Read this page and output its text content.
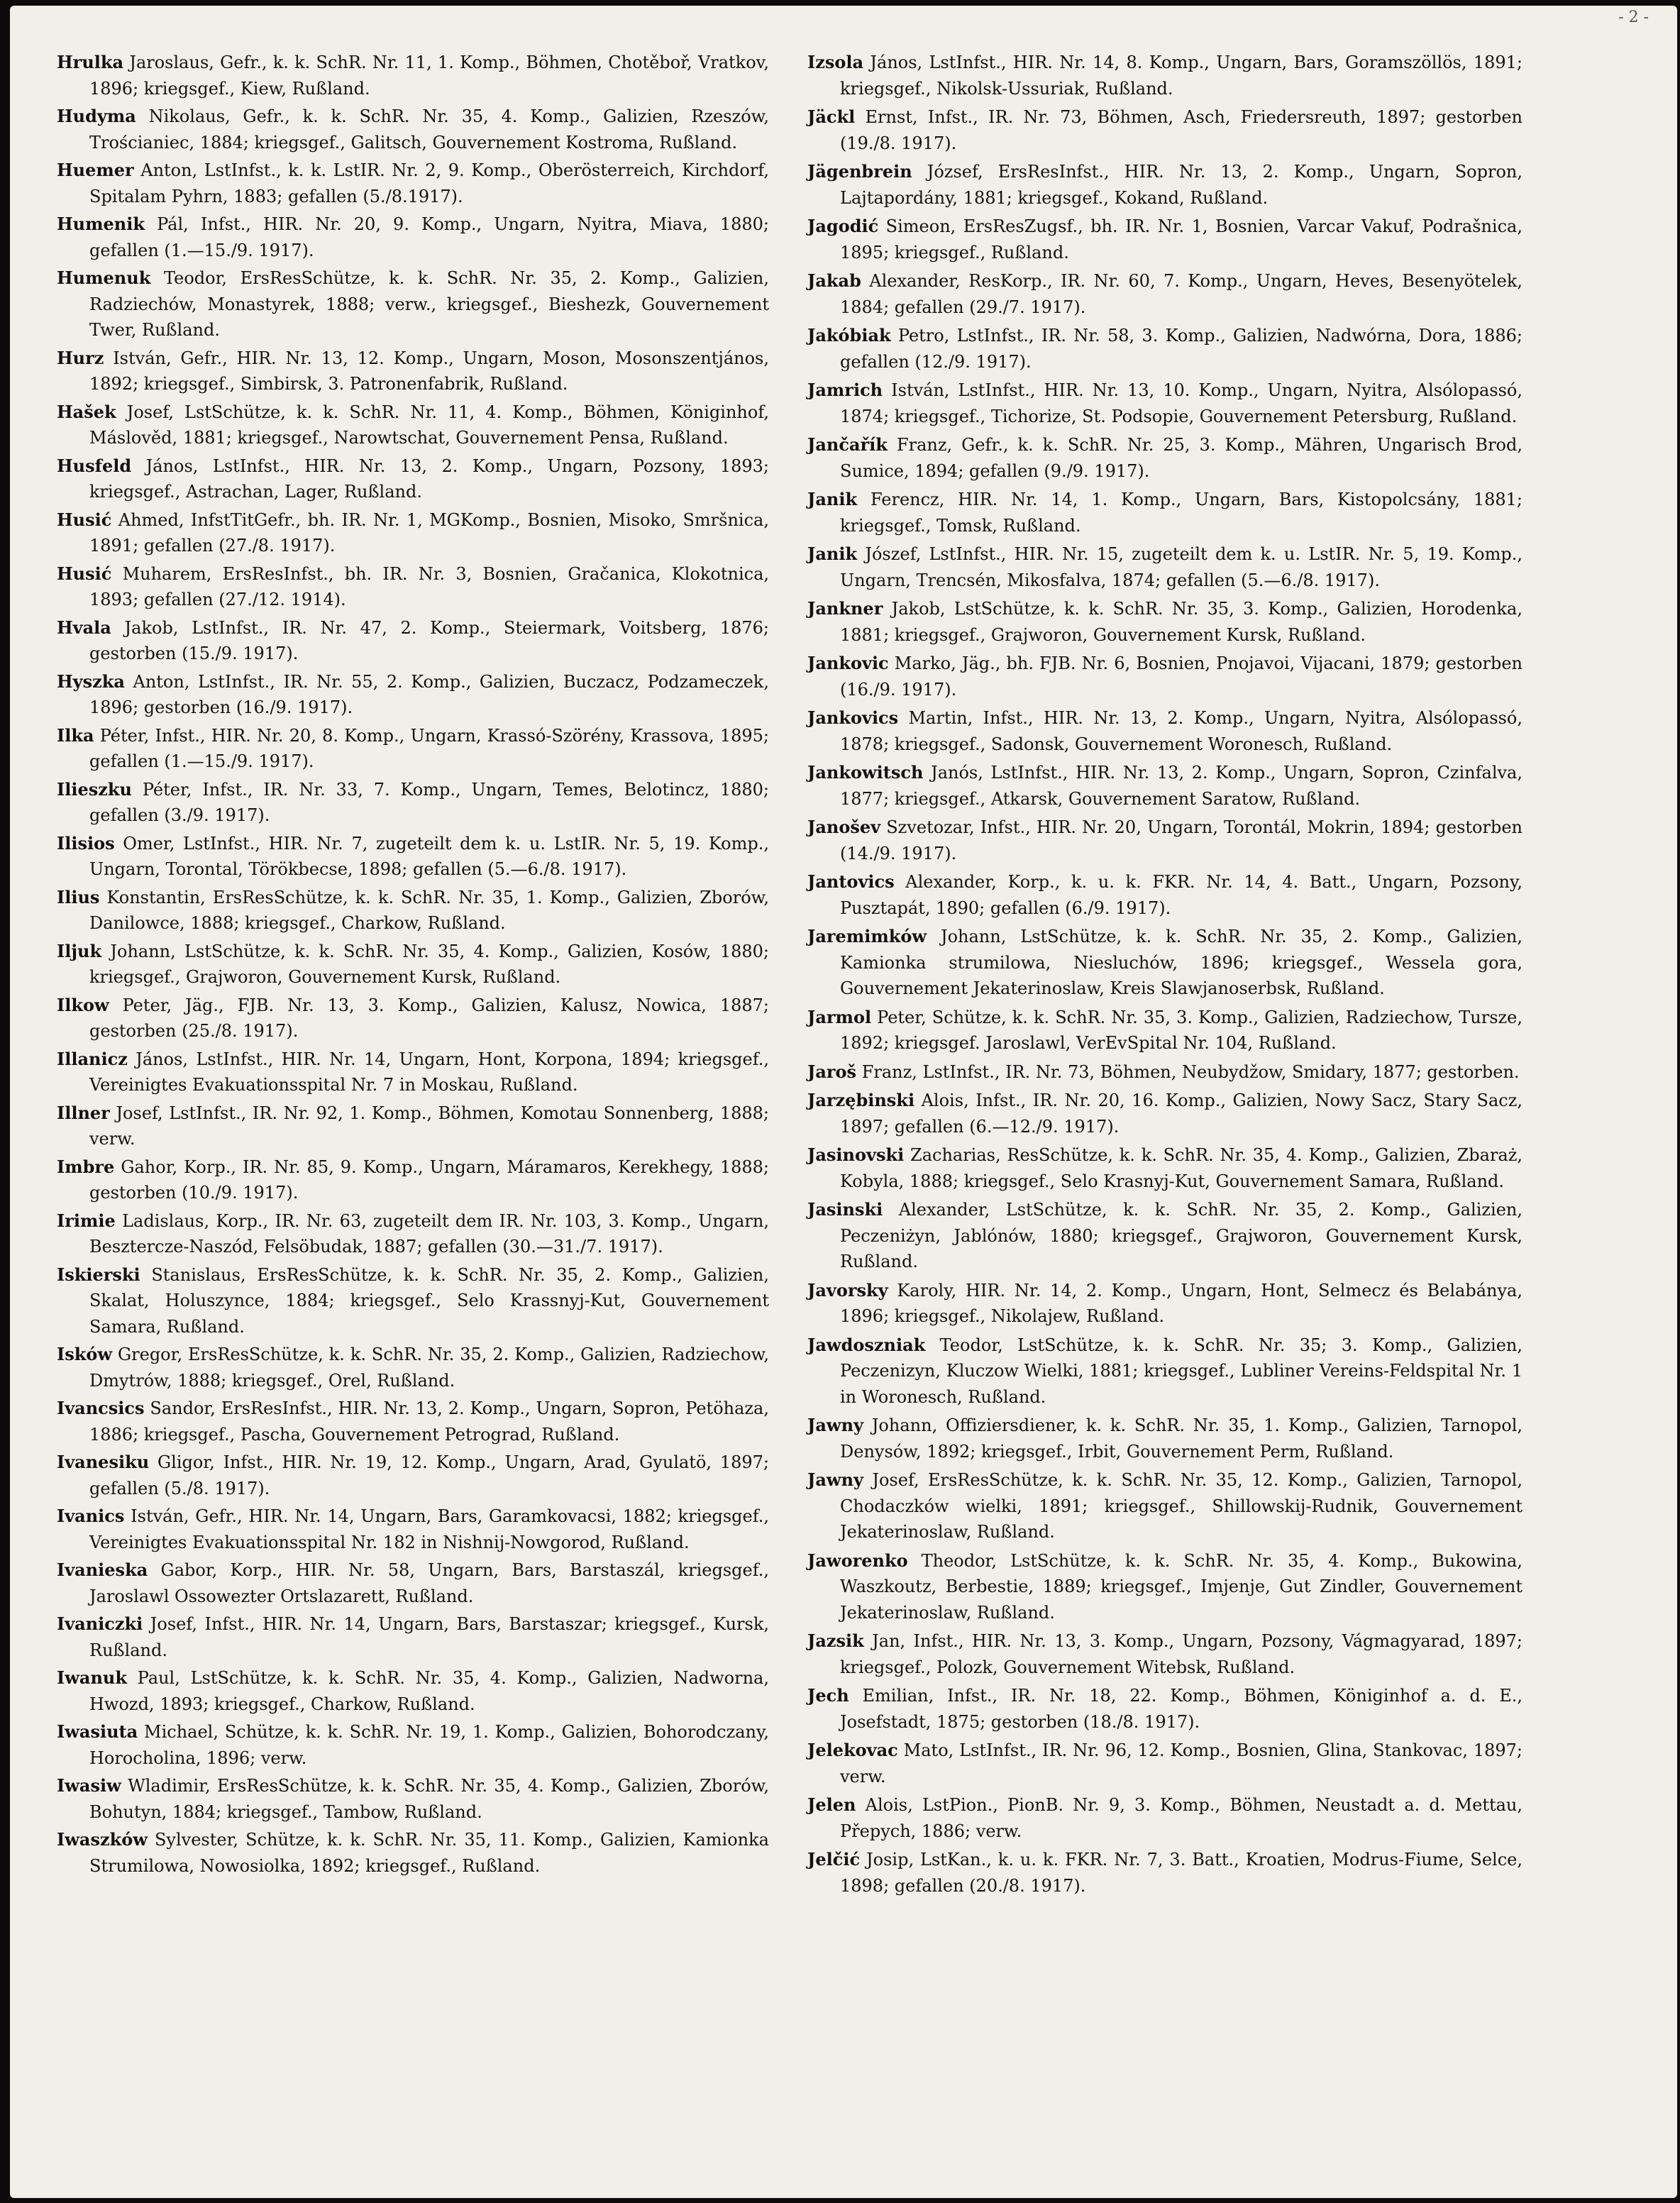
- 2 -
Hrulka Jaroslaus, Gefr., k. k. SchR. Nr. 11, 1. Komp., Böhmen, Chotěboř, Vratkov, 1896; kriegsgef., Kiew, Rußland.
Hudyma Nikolaus, Gefr., k. k. SchR. Nr. 35, 4. Komp., Galizien, Rzeszów, Trościaniec, 1884; kriegsgef., Galitsch, Gouvernement Kostroma, Rußland.
Huemer Anton, LstInfst., k. k. LstIR. Nr. 2, 9. Komp., Oberösterreich, Kirchdorf, Spitalam Pyhrn, 1883; gefallen (5./8.1917).
Humenik Pál, Infst., HIR. Nr. 20, 9. Komp., Ungarn, Nyitra, Miava, 1880; gefallen (1.—15./9. 1917).
Humenuk Teodor, ErsResSchütze, k. k. SchR. Nr. 35, 2. Komp., Galizien, Radziechów, Monastyrek, 1888; verw., kriegsgef., Bieshezk, Gouvernement Twer, Rußland.
Hurz István, Gefr., HIR. Nr. 13, 12. Komp., Ungarn, Moson, Mosonszentjános, 1892; kriegsgef., Simbirsk, 3. Patronenfabrik, Rußland.
Hašek Josef, LstSchütze, k. k. SchR. Nr. 11, 4. Komp., Böhmen, Königinhof, Máslověd, 1881; kriegsgef., Narowtschat, Gouvernement Pensa, Rußland.
Husfeld János, LstInfst., HIR. Nr. 13, 2. Komp., Ungarn, Pozsony, 1893; kriegsgef., Astrachan, Lager, Rußland.
Husić Ahmed, InfstTitGefr., bh. IR. Nr. 1, MGKomp., Bosnien, Misoko, Smršnica, 1891; gefallen (27./8. 1917).
Husić Muharem, ErsResInfst., bh. IR. Nr. 3, Bosnien, Gračanica, Klokotnica, 1893; gefallen (27./12. 1914).
Hvala Jakob, LstInfst., IR. Nr. 47, 2. Komp., Steiermark, Voitsberg, 1876; gestorben (15./9. 1917).
Hyszka Anton, LstInfst., IR. Nr. 55, 2. Komp., Galizien, Buczacz, Podzameczek, 1896; gestorben (16./9. 1917).
Ilka Péter, Infst., HIR. Nr. 20, 8. Komp., Ungarn, Krassó-Szörény, Krassova, 1895; gefallen (1.—15./9. 1917).
Ilieszku Péter, Infst., IR. Nr. 33, 7. Komp., Ungarn, Temes, Belotincz, 1880; gefallen (3./9. 1917).
Ilisios Omer, LstInfst., HIR. Nr. 7, zugeteilt dem k. u. LstIR. Nr. 5, 19. Komp., Ungarn, Torontal, Törökbecse, 1898; gefallen (5.—6./8. 1917).
Ilius Konstantin, ErsResSchütze, k. k. SchR. Nr. 35, 1. Komp., Galizien, Zborów, Danilowce, 1888; kriegsgef., Charkow, Rußland.
Iljuk Johann, LstSchütze, k. k. SchR. Nr. 35, 4. Komp., Galizien, Kosów, 1880; kriegsgef., Grajworon, Gouvernement Kursk, Rußland.
Ilkow Peter, Jäg., FJB. Nr. 13, 3. Komp., Galizien, Kalusz, Nowica, 1887; gestorben (25./8. 1917).
Illanicz János, LstInfst., HIR. Nr. 14, Ungarn, Hont, Korpona, 1894; kriegsgef., Vereinigtes Evakuationsspital Nr. 7 in Moskau, Rußland.
Illner Josef, LstInfst., IR. Nr. 92, 1. Komp., Böhmen, Komotau Sonnenberg, 1888; verw.
Imbre Gahor, Korp., IR. Nr. 85, 9. Komp., Ungarn, Máramaros, Kerekhegy, 1888; gestorben (10./9. 1917).
Irimie Ladislaus, Korp., IR. Nr. 63, zugeteilt dem IR. Nr. 103, 3. Komp., Ungarn, Besztercze-Naszód, Felsöbudak, 1887; gefallen (30.—31./7. 1917).
Iskierski Stanislaus, ErsResSchütze, k. k. SchR. Nr. 35, 2. Komp., Galizien, Skalat, Holuszynce, 1884; kriegsgef., Selo Krassnyj-Kut, Gouvernement Samara, Rußland.
Isków Gregor, ErsResSchütze, k. k. SchR. Nr. 35, 2. Komp., Galizien, Radziechow, Dmytrów, 1888; kriegsgef., Orel, Rußland.
Ivancsics Sandor, ErsResInfst., HIR. Nr. 13, 2. Komp., Ungarn, Sopron, Petöhaza, 1886; kriegsgef., Pascha, Gouvernement Petrograd, Rußland.
Ivanesiku Gligor, Infst., HIR. Nr. 19, 12. Komp., Ungarn, Arad, Gyulatö, 1897; gefallen (5./8. 1917).
Ivanics István, Gefr., HIR. Nr. 14, Ungarn, Bars, Garamkovacsi, 1882; kriegsgef., Vereinigtes Evakuationsspital Nr. 182 in Nishnij-Nowgorod, Rußland.
Ivanieska Gabor, Korp., HIR. Nr. 58, Ungarn, Bars, Barstaszál, kriegsgef., Jaroslawl Ossowezter Ortslazarett, Rußland.
Ivaniczki Josef, Infst., HIR. Nr. 14, Ungarn, Bars, Barstaszar; kriegsgef., Kursk, Rußland.
Iwanuk Paul, LstSchütze, k. k. SchR. Nr. 35, 4. Komp., Galizien, Nadworna, Hwozd, 1893; kriegsgef., Charkow, Rußland.
Iwasiuta Michael, Schütze, k. k. SchR. Nr. 19, 1. Komp., Galizien, Bohorodczany, Horocholina, 1896; verw.
Iwasiw Wladimir, ErsResSchütze, k. k. SchR. Nr. 35, 4. Komp., Galizien, Zborów, Bohutyn, 1884; kriegsgef., Tambow, Rußland.
Iwaszków Sylvester, Schütze, k. k. SchR. Nr. 35, 11. Komp., Galizien, Kamionka Strumilowa, Nowosiolka, 1892; kriegsgef., Rußland.
Izsola János, LstInfst., HIR. Nr. 14, 8. Komp., Ungarn, Bars, Goramszöllös, 1891; kriegsgef., Nikolsk-Ussuriak, Rußland.
Jäckl Ernst, Infst., IR. Nr. 73, Böhmen, Asch, Friedersreuth, 1897; gestorben (19./8. 1917).
Jägenbrein József, ErsResInfst., HIR. Nr. 13, 2. Komp., Ungarn, Sopron, Lajtapordány, 1881; kriegsgef., Kokand, Rußland.
Jagodić Simeon, ErsResZugsf., bh. IR. Nr. 1, Bosnien, Varcar Vakuf, Podrašnica, 1895; kriegsgef., Rußland.
Jakab Alexander, ResKorp., IR. Nr. 60, 7. Komp., Ungarn, Heves, Besenyötelek, 1884; gefallen (29./7. 1917).
Jakóbiak Petro, LstInfst., IR. Nr. 58, 3. Komp., Galizien, Nadwórna, Dora, 1886; gefallen (12./9. 1917).
Jamrich István, LstInfst., HIR. Nr. 13, 10. Komp., Ungarn, Nyitra, Alsólopassó, 1874; kriegsgef., Tichorize, St. Podsopie, Gouvernement Petersburg, Rußland.
Jančařík Franz, Gefr., k. k. SchR. Nr. 25, 3. Komp., Mähren, Ungarisch Brod, Sumice, 1894; gefallen (9./9. 1917).
Janik Ferencz, HIR. Nr. 14, 1. Komp., Ungarn, Bars, Kistopolcsány, 1881; kriegsgef., Tomsk, Rußland.
Janik Jószef, LstInfst., HIR. Nr. 15, zugeteilt dem k. u. LstIR. Nr. 5, 19. Komp., Ungarn, Trencsén, Mikosfalva, 1874; gefallen (5.—6./8. 1917).
Jankner Jakob, LstSchütze, k. k. SchR. Nr. 35, 3. Komp., Galizien, Horodenka, 1881; kriegsgef., Grajworon, Gouvernement Kursk, Rußland.
Jankovic Marko, Jäg., bh. FJB. Nr. 6, Bosnien, Pnojavoi, Vijacani, 1879; gestorben (16./9. 1917).
Jankovics Martin, Infst., HIR. Nr. 13, 2. Komp., Ungarn, Nyitra, Alsólopassó, 1878; kriegsgef., Sadonsk, Gouvernement Woronesch, Rußland.
Jankowitsch Janós, LstInfst., HIR. Nr. 13, 2. Komp., Ungarn, Sopron, Czinfalva, 1877; kriegsgef., Atkarsk, Gouvernement Saratow, Rußland.
Janošev Szvetozar, Infst., HIR. Nr. 20, Ungarn, Torontál, Mokrin, 1894; gestorben (14./9. 1917).
Jantovics Alexander, Korp., k. u. k. FKR. Nr. 14, 4. Batt., Ungarn, Pozsony, Pusztapát, 1890; gefallen (6./9. 1917).
Jaremimków Johann, LstSchütze, k. k. SchR. Nr. 35, 2. Komp., Galizien, Kamionka strumilowa, Niesluchów, 1896; kriegsgef., Wessela gora, Gouvernement Jekaterinoslaw, Kreis Slawjanoserbsk, Rußland.
Jarmol Peter, Schütze, k. k. SchR. Nr. 35, 3. Komp., Galizien, Radziechow, Tursze, 1892; kriegsgef. Jaroslawl, VerEvSpital Nr. 104, Rußland.
Jaroš Franz, LstInfst., IR. Nr. 73, Böhmen, Neubydžow, Smidary, 1877; gestorben.
Jarzębinski Alois, Infst., IR. Nr. 20, 16. Komp., Galizien, Nowy Sacz, Stary Sacz, 1897; gefallen (6.—12./9. 1917).
Jasinovski Zacharias, ResSchütze, k. k. SchR. Nr. 35, 4. Komp., Galizien, Zbaraż, Kobyla, 1888; kriegsgef., Selo Krasnyj-Kut, Gouvernement Samara, Rußland.
Jasinski Alexander, LstSchütze, k. k. SchR. Nr. 35, 2. Komp., Galizien, Peczeniżyn, Jablónów, 1880; kriegsgef., Grajworon, Gouvernement Kursk, Rußland.
Javorsky Karoly, HIR. Nr. 14, 2. Komp., Ungarn, Hont, Selmecz és Belabánya, 1896; kriegsgef., Nikolajew, Rußland.
Jawdoszniak Teodor, LstSchütze, k. k. SchR. Nr. 35; 3. Komp., Galizien, Peczenizyn, Kluczow Wielki, 1881; kriegsgef., Lubliner Vereins-Feldspital Nr. 1 in Woronesch, Rußland.
Jawny Johann, Offiziersdiener, k. k. SchR. Nr. 35, 1. Komp., Galizien, Tarnopol, Denysów, 1892; kriegsgef., Irbit, Gouvernement Perm, Rußland.
Jawny Josef, ErsResSchütze, k. k. SchR. Nr. 35, 12. Komp., Galizien, Tarnopol, Chodaczków wielki, 1891; kriegsgef., Shillowskij-Rudnik, Gouvernement Jekaterinoslaw, Rußland.
Jaworenko Theodor, LstSchütze, k. k. SchR. Nr. 35, 4. Komp., Bukowina, Waszkoutz, Berbestie, 1889; kriegsgef., Imjenje, Gut Zindler, Gouvernement Jekaterinoslaw, Rußland.
Jazsik Jan, Infst., HIR. Nr. 13, 3. Komp., Ungarn, Pozsony, Vágmagyarad, 1897; kriegsgef., Polozk, Gouvernement Witebsk, Rußland.
Jech Emilian, Infst., IR. Nr. 18, 22. Komp., Böhmen, Königinhof a. d. E., Josefstadt, 1875; gestorben (18./8. 1917).
Jelekovac Mato, LstInfst., IR. Nr. 96, 12. Komp., Bosnien, Glina, Stankovac, 1897; verw.
Jelen Alois, LstPion., PionB. Nr. 9, 3. Komp., Böhmen, Neustadt a. d. Mettau, Přepych, 1886; verw.
Jelčić Josip, LstKan., k. u. k. FKR. Nr. 7, 3. Batt., Kroatien, Modrus-Fiume, Selce, 1898; gefallen (20./8. 1917).
